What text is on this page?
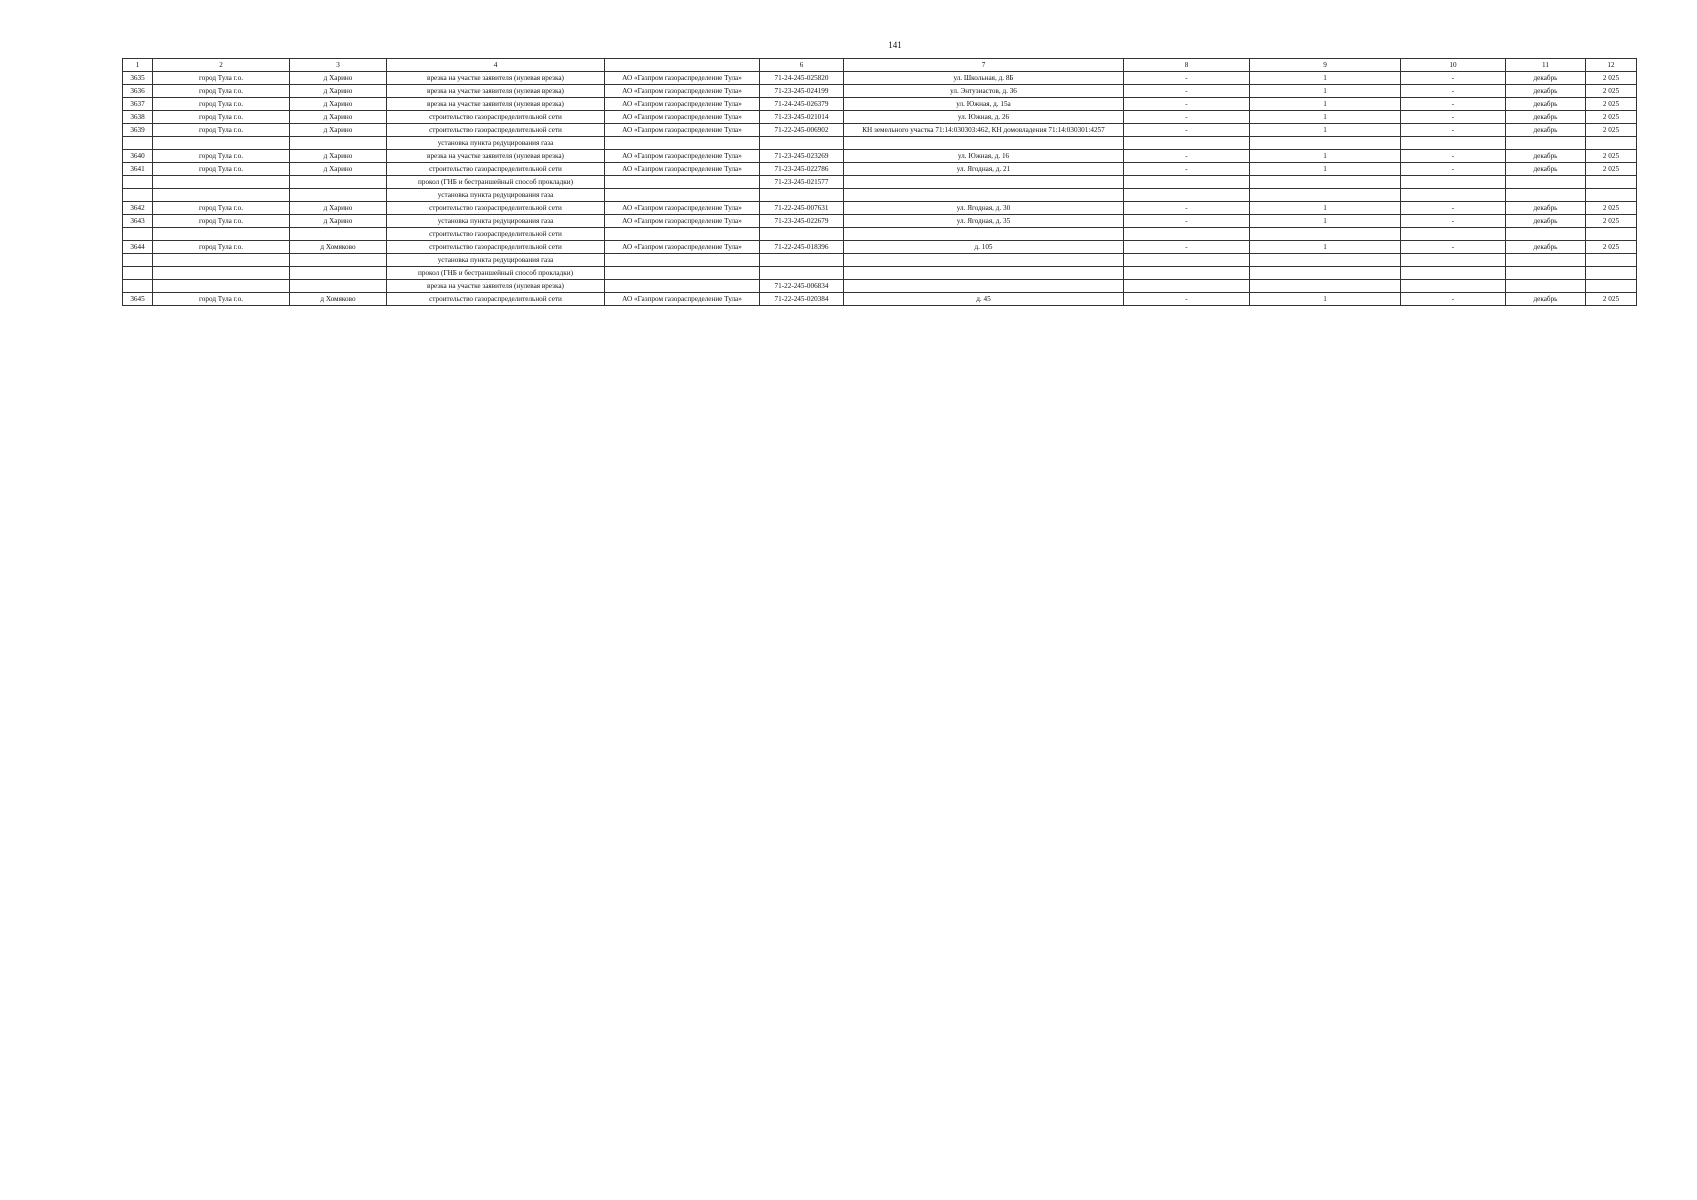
141
1	2	3	4		6	7	8	9	10	11	12
3635	город Тула г.о.	д Харино	врезка на участке заявителя (нулевая врезка)	АО «Газпром газораспределение Тула»	71-24-245-025820	ул. Школьная, д. 8Б	-	1	-	декабрь	2 025
3636	город Тула г.о.	д Харино	врезка на участке заявителя (нулевая врезка)	АО «Газпром газораспределение Тула»	71-23-245-024199	ул. Энтузиастов, д. 36	-	1	-	декабрь	2 025
3637	город Тула г.о.	д Харино	врезка на участке заявителя (нулевая врезка)	АО «Газпром газораспределение Тула»	71-24-245-026379	ул. Южная, д. 15а	-	1	-	декабрь	2 025
3638	город Тула г.о.	д Харино	строительство газораспределительной сети	АО «Газпром газораспределение Тула»	71-23-245-021014	ул. Южная, д. 26	-	1	-	декабрь	2 025
3639	город Тула г.о.	д Харино	строительство газораспределительной сети	АО «Газпром газораспределение Тула»	71-22-245-006902	КН земельного участка 71:14:030303:462, КН домовладения 71:14:030301:4257	-	1	-	декабрь	2 025
			установка пункта редуцирования газа								
3640	город Тула г.о.	д Харино	врезка на участке заявителя (нулевая врезка)	АО «Газпром газораспределение Тула»	71-23-245-023269	ул. Южная, д. 16	-	1	-	декабрь	2 025
3641	город Тула г.о.	д Харино	строительство газораспределительной сети	АО «Газпром газораспределение Тула»	71-23-245-022786	ул. Ягодная, д. 21	-	1	-	декабрь	2 025
			прокол (ГНБ и бестраншейный способ прокладки)		71-23-245-021577						
			установка пункта редуцирования газа								
3642	город Тула г.о.	д Харино	строительство газораспределительной сети	АО «Газпром газораспределение Тула»	71-22-245-007631	ул. Ягодная, д. 30	-	1	-	декабрь	2 025
3643	город Тула г.о.	д Харино	установка пункта редуцирования газа	АО «Газпром газораспределение Тула»	71-23-245-022679	ул. Ягодная, д. 35	-	1	-	декабрь	2 025
			строительство газораспределительной сети								
3644	город Тула г.о.	д Хомяково	строительство газораспределительной сети	АО «Газпром газораспределение Тула»	71-22-245-018396	д. 105	-	1	-	декабрь	2 025
			установка пункта редуцирования газа								
			прокол (ГНБ и бестраншейный способ прокладки)								
			врезка на участке заявителя (нулевая врезка)		71-22-245-006834						
3645	город Тула г.о.	д Хомяково	строительство газораспределительной сети	АО «Газпром газораспределение Тула»	71-22-245-020384	д. 45	-	1	-	декабрь	2 025
